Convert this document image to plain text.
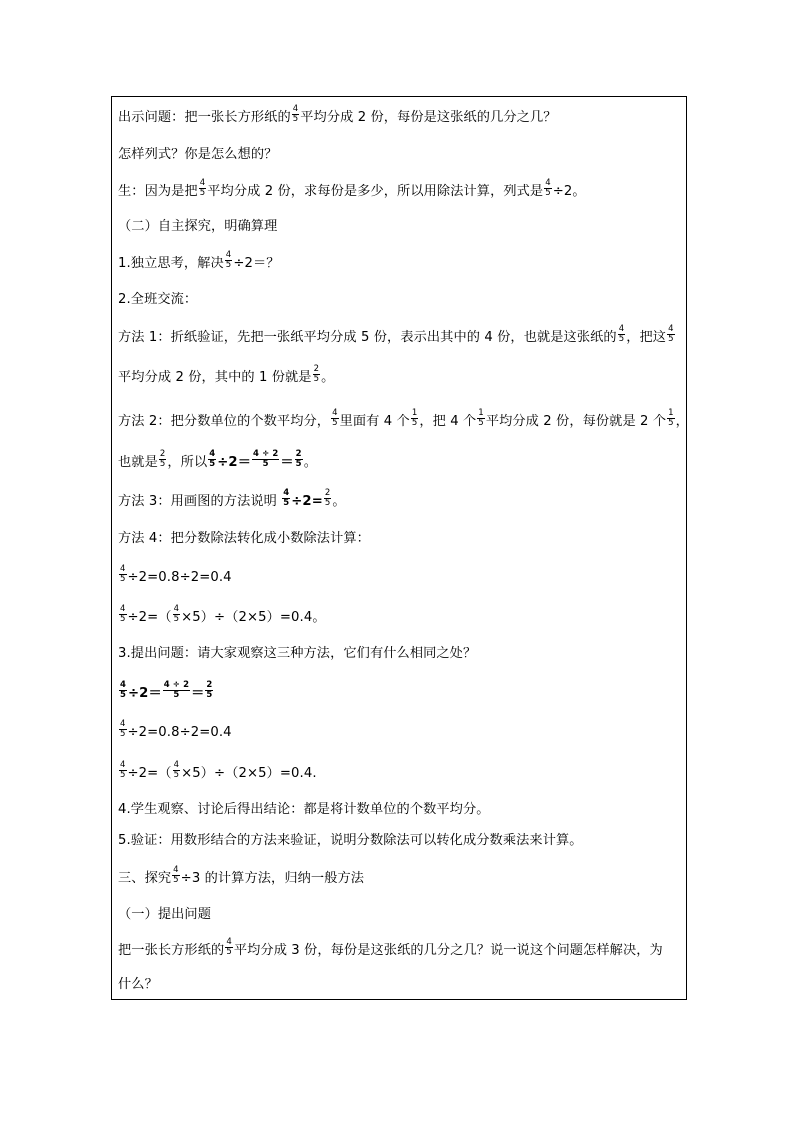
出示问题：把一张长方形纸的 $\frac{4}{5}$ 平均分成 2 份，每份是这张纸的几分之几？
怎样列式？你是怎么想的？
生：因为是把 $\frac{4}{5}$ 平均分成 2 份，求每份是多少，所以用除法计算，列式是 $\frac{4}{5} \div 2$。
（二）自主探究，明确算理
1.独立思考，解决 $\frac{4}{5} \div 2=$？
2.全班交流：
方法 1：折纸验证，先把一张纸平均分成 5 份，表示出其中的 4 份，也就是这张纸的 $\frac{4}{5}$ ，把这 $\frac{4}{5}$
平均分成 2 份，其中的 1 份就是 $\frac{2}{5}$ 。
方法 2：把分数单位的个数平均分， $\frac{4}{5}$ 里面有 4 个 $\frac{1}{5}$ ，把 4 个 $\frac{1}{5}$ 平均分成 2 份，每份就是 2 个 $\frac{1}{5}$ ，
也就是 $\frac{2}{5}$ ，所以 $\frac{4}{5} \div 2= \frac{4 \div 2}{5} = \frac{2}{5}$ 。
方法 3：用画图的方法说明 $\frac{4}{5} \div 2= \frac{2}{5}$ 。
方法 4：把分数除法转化成小数除法计算：
$\frac{4}{5} \div 2=0.8\div 2=0.4$
$\frac{4}{5} \div 2=( \frac{4}{5} \times 5)\div(2\times 5)=0.4$。
3.提出问题：请大家观察这三种方法，它们有什么相同之处？
$\frac{4}{5} \div 2= \frac{4 \div 2}{5} = \frac{2}{5}$
$\frac{4}{5} \div 2=0.8\div 2=0.4$
$\frac{4}{5} \div 2=( \frac{4}{5} \times 5)\div(2\times 5)=0.4$.
4.学生观察、讨论后得出结论：都是将计数单位的个数平均分。
5.验证：用数形结合的方法来验证，说明分数除法可以转化成分数乘法来计算。
三、探究 $\frac{4}{5} \div 3$ 的计算方法，归纳一般方法
（一）提出问题
把一张长方形纸的 $\frac{4}{5}$ 平均分成 3 份，每份是这张纸的几分之几？说一说这个问题怎样解决，为
什么？
